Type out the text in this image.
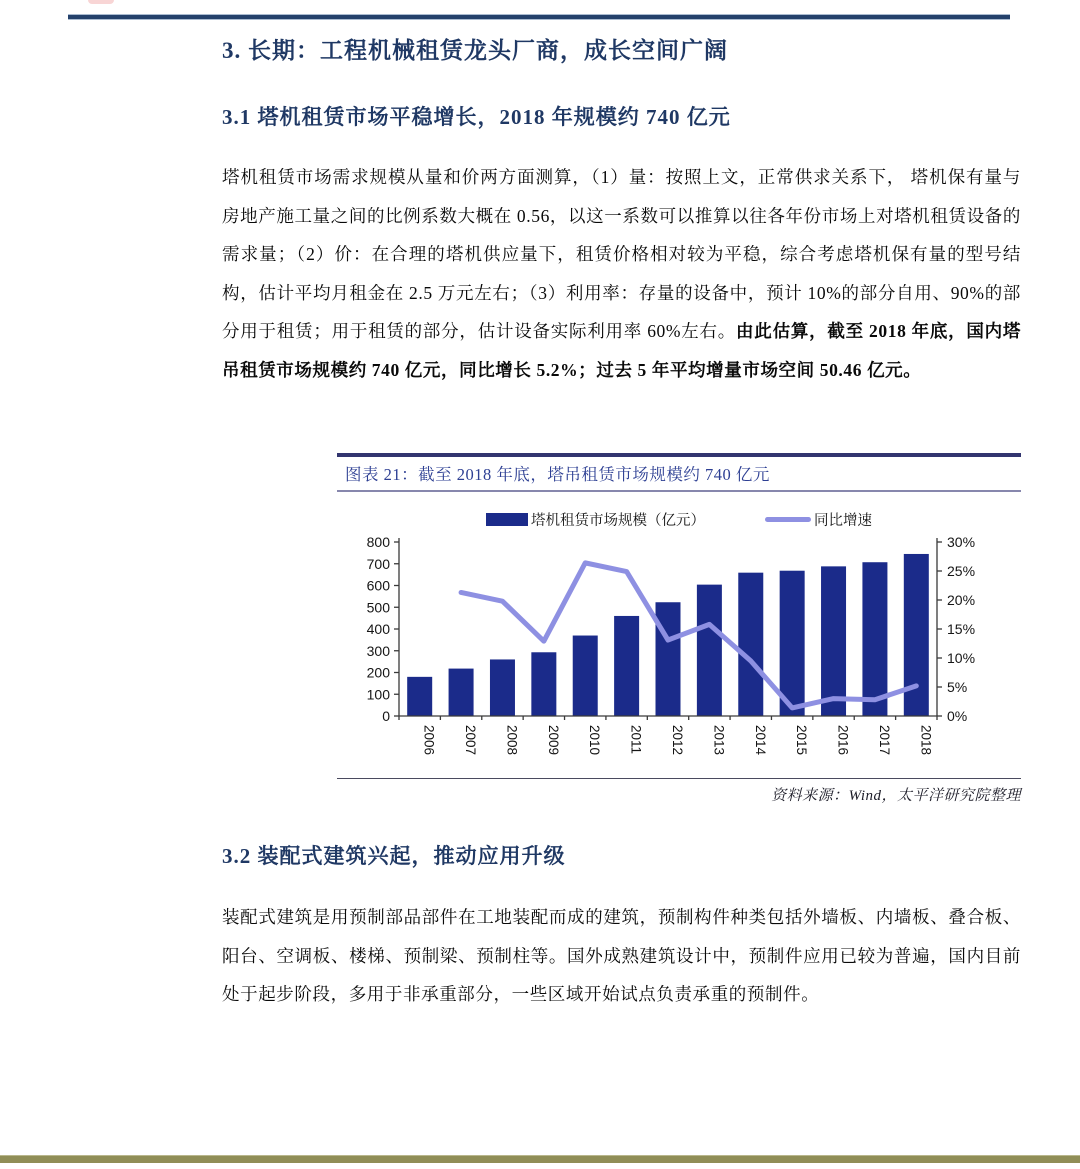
3. 长期：工程机械租赁龙头厂商，成长空间广阔
3.1 塔机租赁市场平稳增长，2018 年规模约 740 亿元
塔机租赁市场需求规模从量和价两方面测算，（1）量：按照上文，正常供求关系下， 塔机保有量与房地产施工量之间的比例系数大概在 0.56，以这一系数可以推算以往各年份市场上对塔机租赁设备的需求量；（2）价：在合理的塔机供应量下，租赁价格相对较为平稳，综合考虑塔机保有量的型号结构，估计平均月租金在 2.5 万元左右；（3）利用率：存量的设备中，预计 10%的部分自用、90%的部分用于租赁；用于租赁的部分，估计设备实际利用率 60%左右。由此估算，截至 2018 年底，国内塔吊租赁市场规模约 740 亿元，同比增长 5.2%；过去 5 年平均增量市场空间 50.46 亿元。
图表 21：截至 2018 年底，塔吊租赁市场规模约 740 亿元
塔机租赁市场规模（亿元）	同比增速
0
100
200
300
400
500
600
700
800
0%
5%
10%
15%
20%
25%
30%
2006 2007 2008 2009 2010 2011 2012 2013 2014 2015 2016 2017 2018
资料来源：Wind，太平洋研究院整理
3.2 装配式建筑兴起，推动应用升级
装配式建筑是用预制部品部件在工地装配而成的建筑，预制构件种类包括外墙板、内墙板、叠合板、阳台、空调板、楼梯、预制梁、预制柱等。国外成熟建筑设计中，预制件应用已较为普遍，国内目前处于起步阶段，多用于非承重部分，一些区域开始试点负责承重的预制件。
